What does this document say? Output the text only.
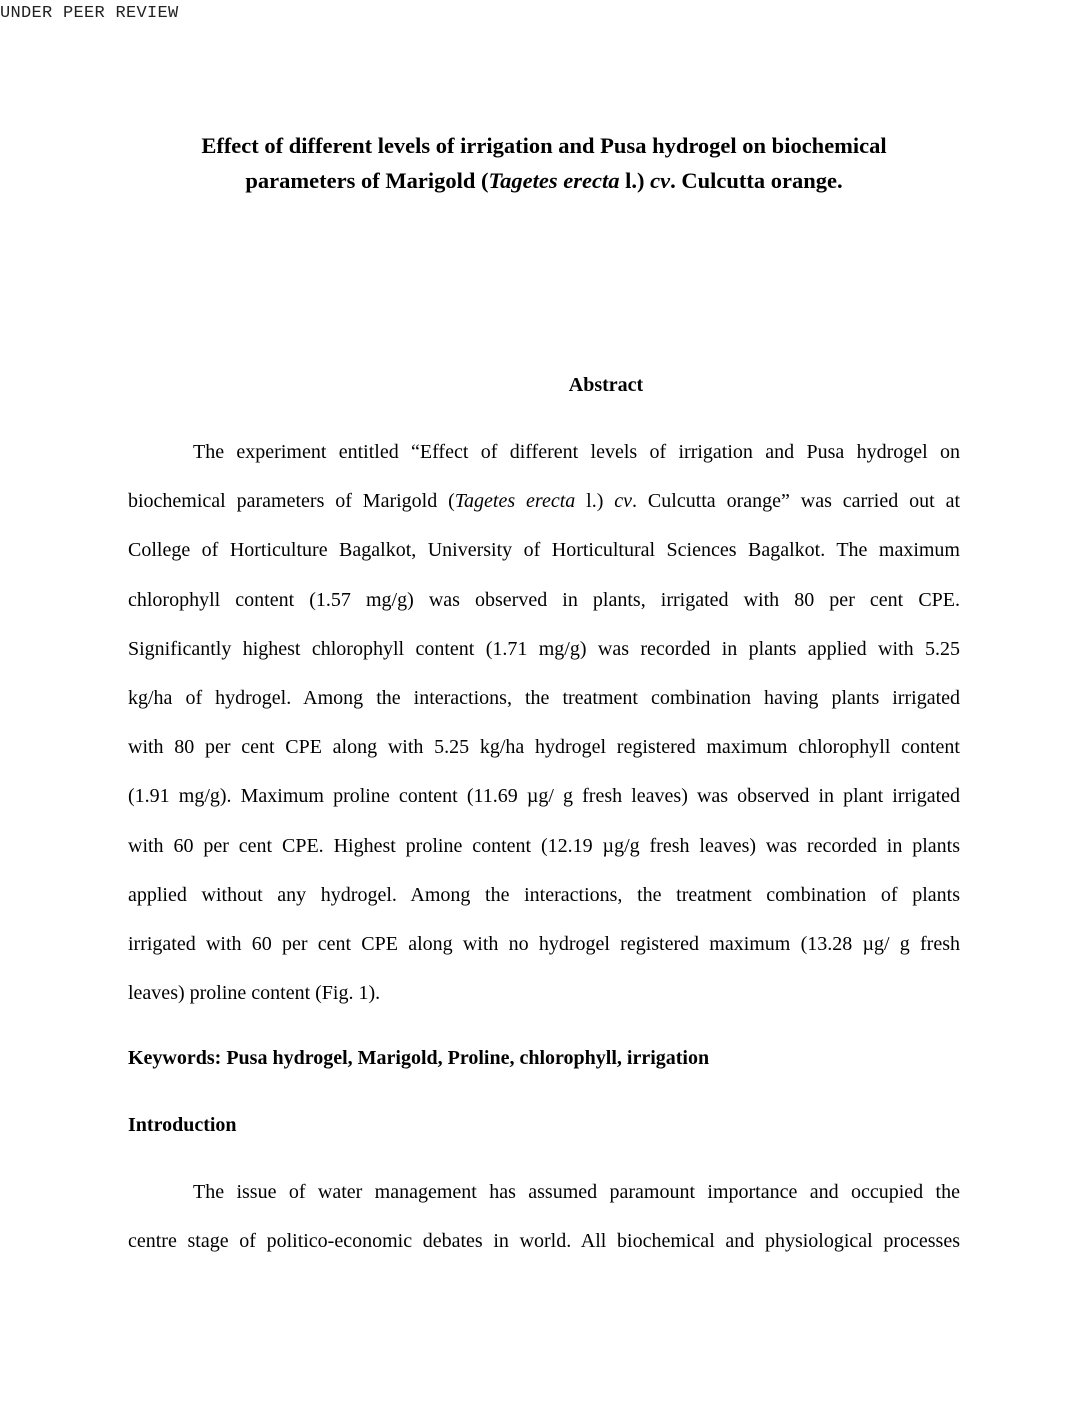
UNDER PEER REVIEW
Effect of different levels of irrigation and Pusa hydrogel on biochemical
parameters of Marigold (Tagetes erecta l.) cv. Culcutta orange.
Abstract
The experiment entitled “Effect of different levels of irrigation and Pusa hydrogel on
biochemical parameters of Marigold (Tagetes erecta l.) cv. Culcutta orange” was carried out at
College of Horticulture Bagalkot, University of Horticultural Sciences Bagalkot. The maximum
chlorophyll content (1.57 mg/g) was observed in plants, irrigated with 80 per cent CPE.
Significantly highest chlorophyll content (1.71 mg/g) was recorded in plants applied with 5.25
kg/ha of hydrogel. Among the interactions, the treatment combination having plants irrigated
with 80 per cent CPE along with 5.25 kg/ha hydrogel registered maximum chlorophyll content
(1.91 mg/g). Maximum proline content (11.69 µg/ g fresh leaves) was observed in plant irrigated
with 60 per cent CPE. Highest proline content (12.19 µg/g fresh leaves) was recorded in plants
applied without any hydrogel. Among the interactions, the treatment combination of plants
irrigated with 60 per cent CPE along with no hydrogel registered maximum (13.28 µg/ g fresh
leaves) proline content (Fig. 1).
Keywords: Pusa hydrogel, Marigold, Proline, chlorophyll, irrigation
Introduction
The issue of water management has assumed paramount importance and occupied the
centre stage of politico-economic debates in world. All biochemical and physiological processes
